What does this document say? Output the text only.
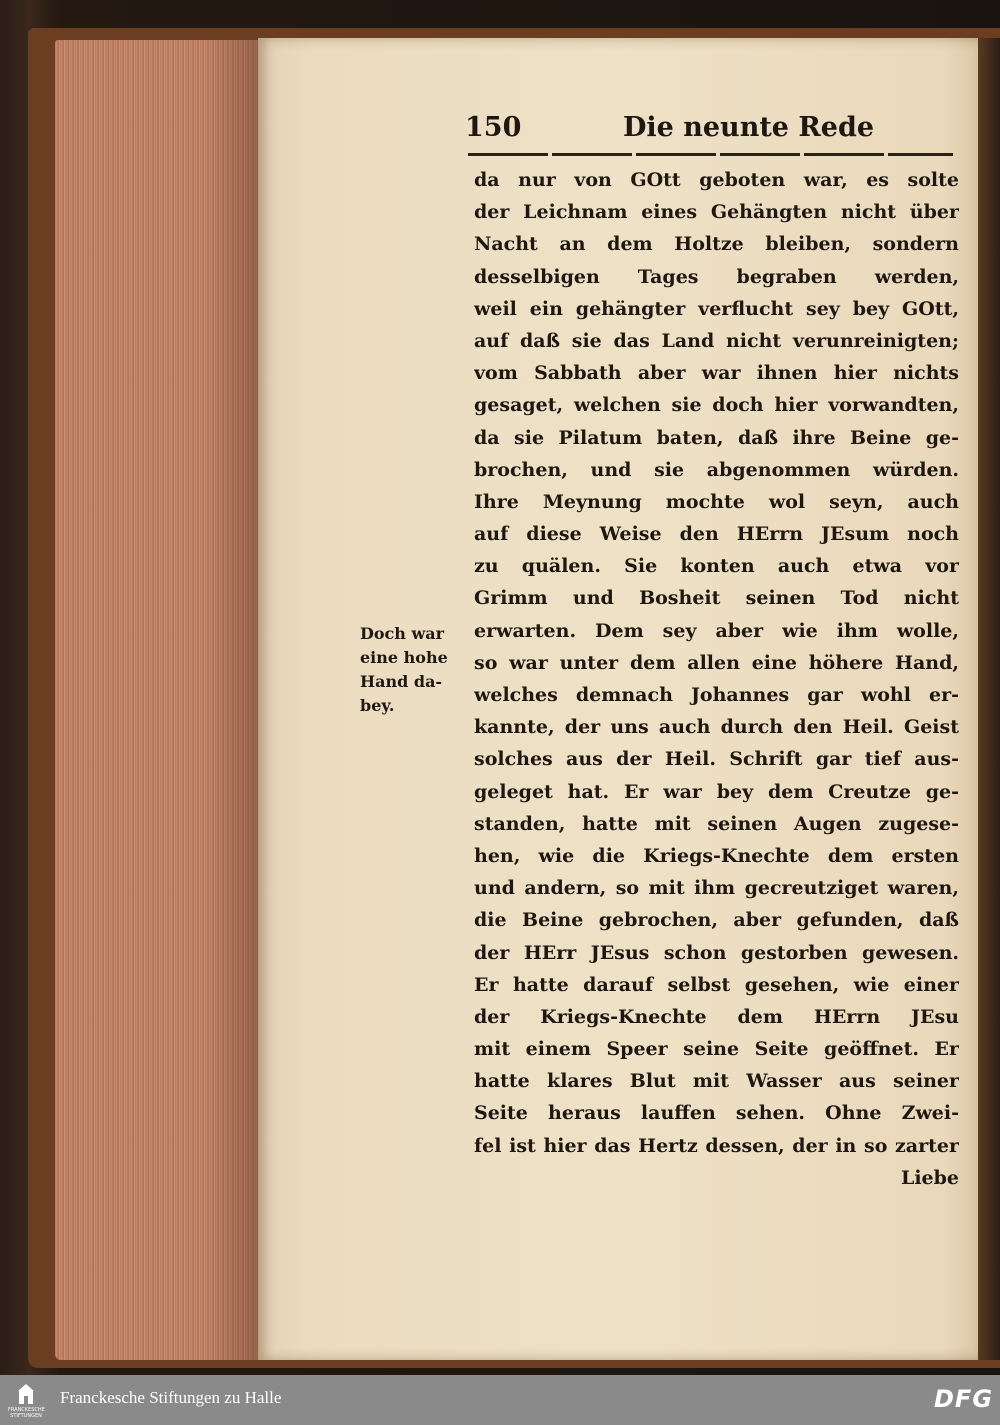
150	Die neunte Rede
Doch war
eine hohe
Hand da-
bey.
da nur von GOtt geboten war, es solte
der Leichnam eines Gehängten nicht über
Nacht an dem Holtze bleiben, sondern
desselbigen Tages begraben werden,
weil ein gehängter verflucht sey bey GOtt,
auf daß sie das Land nicht verunreinigten;
vom Sabbath aber war ihnen hier nichts
gesaget, welchen sie doch hier vorwandten,
da sie Pilatum baten, daß ihre Beine ge-
brochen, und sie abgenommen würden.
Ihre Meynung mochte wol seyn, auch
auf diese Weise den HErrn JEsum noch
zu quälen. Sie konten auch etwa vor
Grimm und Bosheit seinen Tod nicht
erwarten. Dem sey aber wie ihm wolle,
so war unter dem allen eine höhere Hand,
welches demnach Johannes gar wohl er-
kannte, der uns auch durch den Heil. Geist
solches aus der Heil. Schrift gar tief aus-
geleget hat. Er war bey dem Creutze ge-
standen, hatte mit seinen Augen zugese-
hen, wie die Kriegs-Knechte dem ersten
und andern, so mit ihm gecreutziget waren,
die Beine gebrochen, aber gefunden, daß
der HErr JEsus schon gestorben gewesen.
Er hatte darauf selbst gesehen, wie einer
der Kriegs-Knechte dem HErrn JEsu
mit einem Speer seine Seite geöffnet. Er
hatte klares Blut mit Wasser aus seiner
Seite heraus lauffen sehen. Ohne Zwei-
fel ist hier das Hertz dessen, der in so zarter
Liebe
FRANCKESCHE
STIFTUNGEN
Franckesche Stiftungen zu Halle	DFG
